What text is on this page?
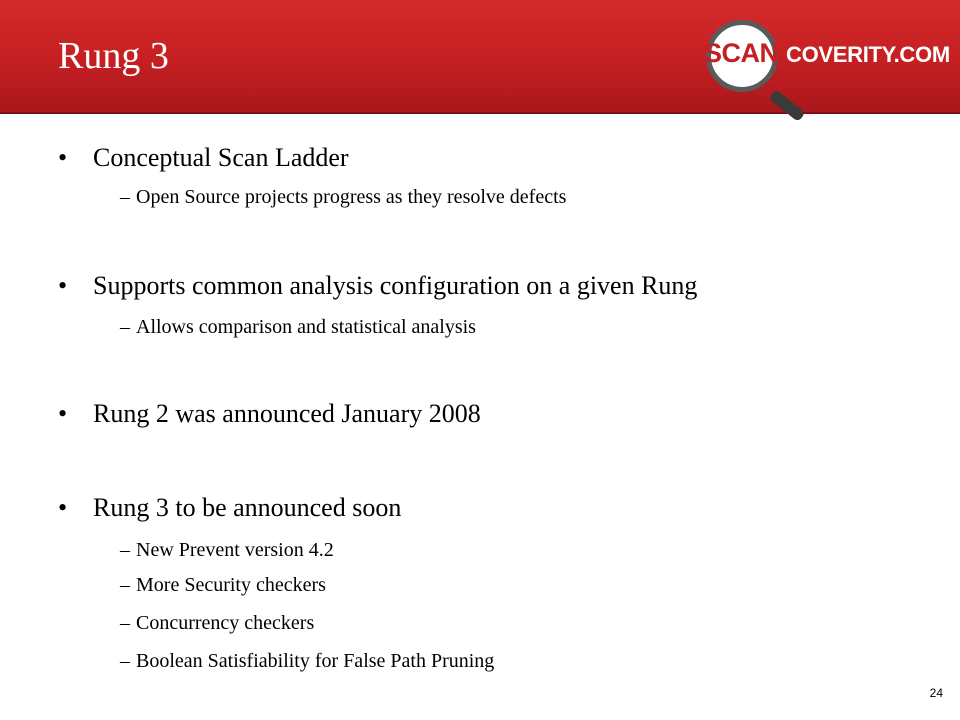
Rung 3	SCAN. COVERITY.COM
• Conceptual Scan Ladder
– Open Source projects progress as they resolve defects
• Supports common analysis configuration on a given Rung
– Allows comparison and statistical analysis
• Rung 2 was announced January 2008
• Rung 3 to be announced soon
– New Prevent version 4.2
– More Security checkers
– Concurrency checkers
– Boolean Satisfiability for False Path Pruning
24
